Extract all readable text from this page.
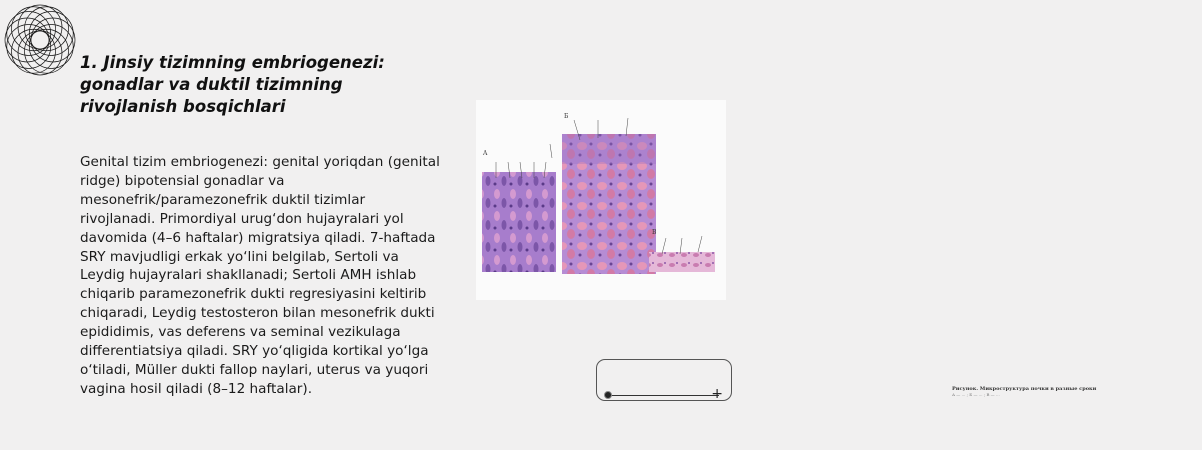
1. Jinsiy tizimning embriogenezi: gonadlar va duktil tizimning rivojlanish bosqichlari

Genital tizim embriogenezi: genital yoriqdan (genital ridge) bipotensial gonadlar va mesonefrik/paramezonefrik duktil tizimlar rivojlanadi. Primordiyal urug‘don hujayralari yol davomida (4–6 haftalar) migratsiya qiladi. 7-haftada SRY mavjudligi erkak yo‘lini belgilab, Sertoli va Leydig hujayralari shakllanadi; Sertoli AMH ishlab chiqarib paramezonefrik dukti regresiyasini keltirib chiqaradi, Leydig testosteron bilan mesonefrik dukti epididimis, vas deferens va seminal vezikulaga differentiatsiya qiladi. SRY yo‘qligida kortikal yo‘lga o‘tiladi, Müller dukti fallop naylari, uterus va yuqori vagina hosil qiladi (8–12 haftalar).

A
Б
В
Рисунок. Микроструктура почки в разные сроки
А — ... ; Б — ... ; В — ...
+
